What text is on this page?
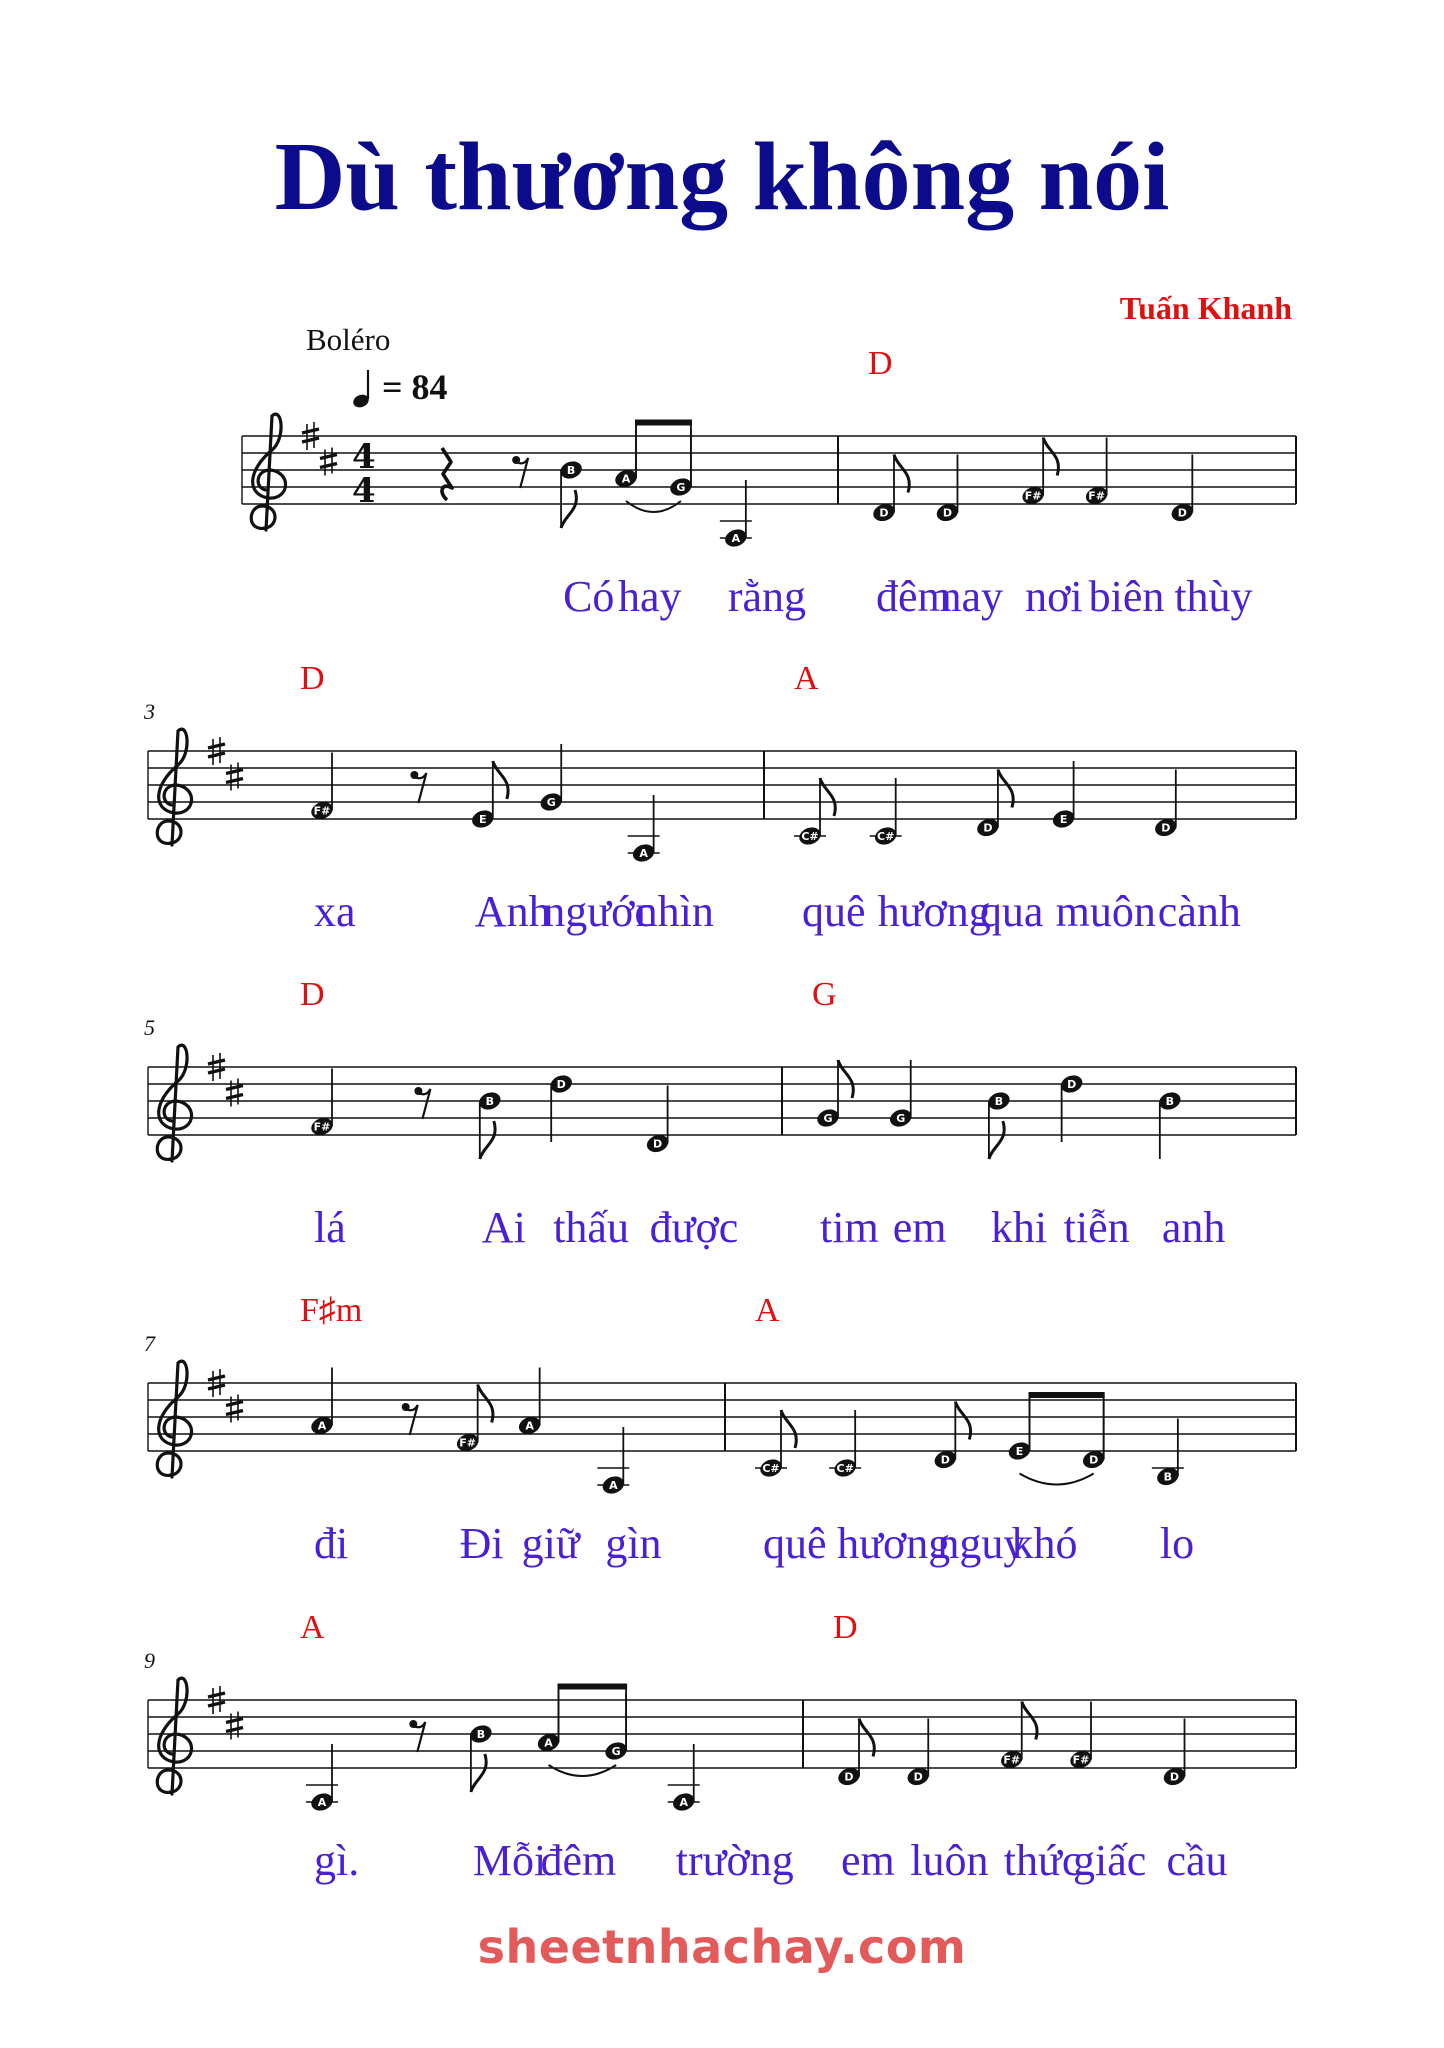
Dù thương không nói
Tuấn Khanh
Boléro
= 84
4
4
B
Có
A
hay
G
A
rằng
D
D
đêm
D
nay
F#
nơi
F#
biên
D
thùy
3
D
F#
xa
E
Anh
G
ngước
A
nhìn
A
C#
quê
C#
hương
D
qua
E
muôn
D
cành
5
D
F#
lá
B
Ai
D
thấu
D
được
G
G
tim
G
em
B
khi
D
tiễn
B
anh
7
F♯m
A
đi
F#
Đi
A
giữ
A
gìn
A
C#
quê
C#
hương
D
nguy
E
khó
D
B
lo
9
A
A
gì.
B
Mỗi
A
đêm
G
A
trường
D
D
em
D
luôn
F#
thức
F#
giấc
D
cầu
sheetnhachay.com
